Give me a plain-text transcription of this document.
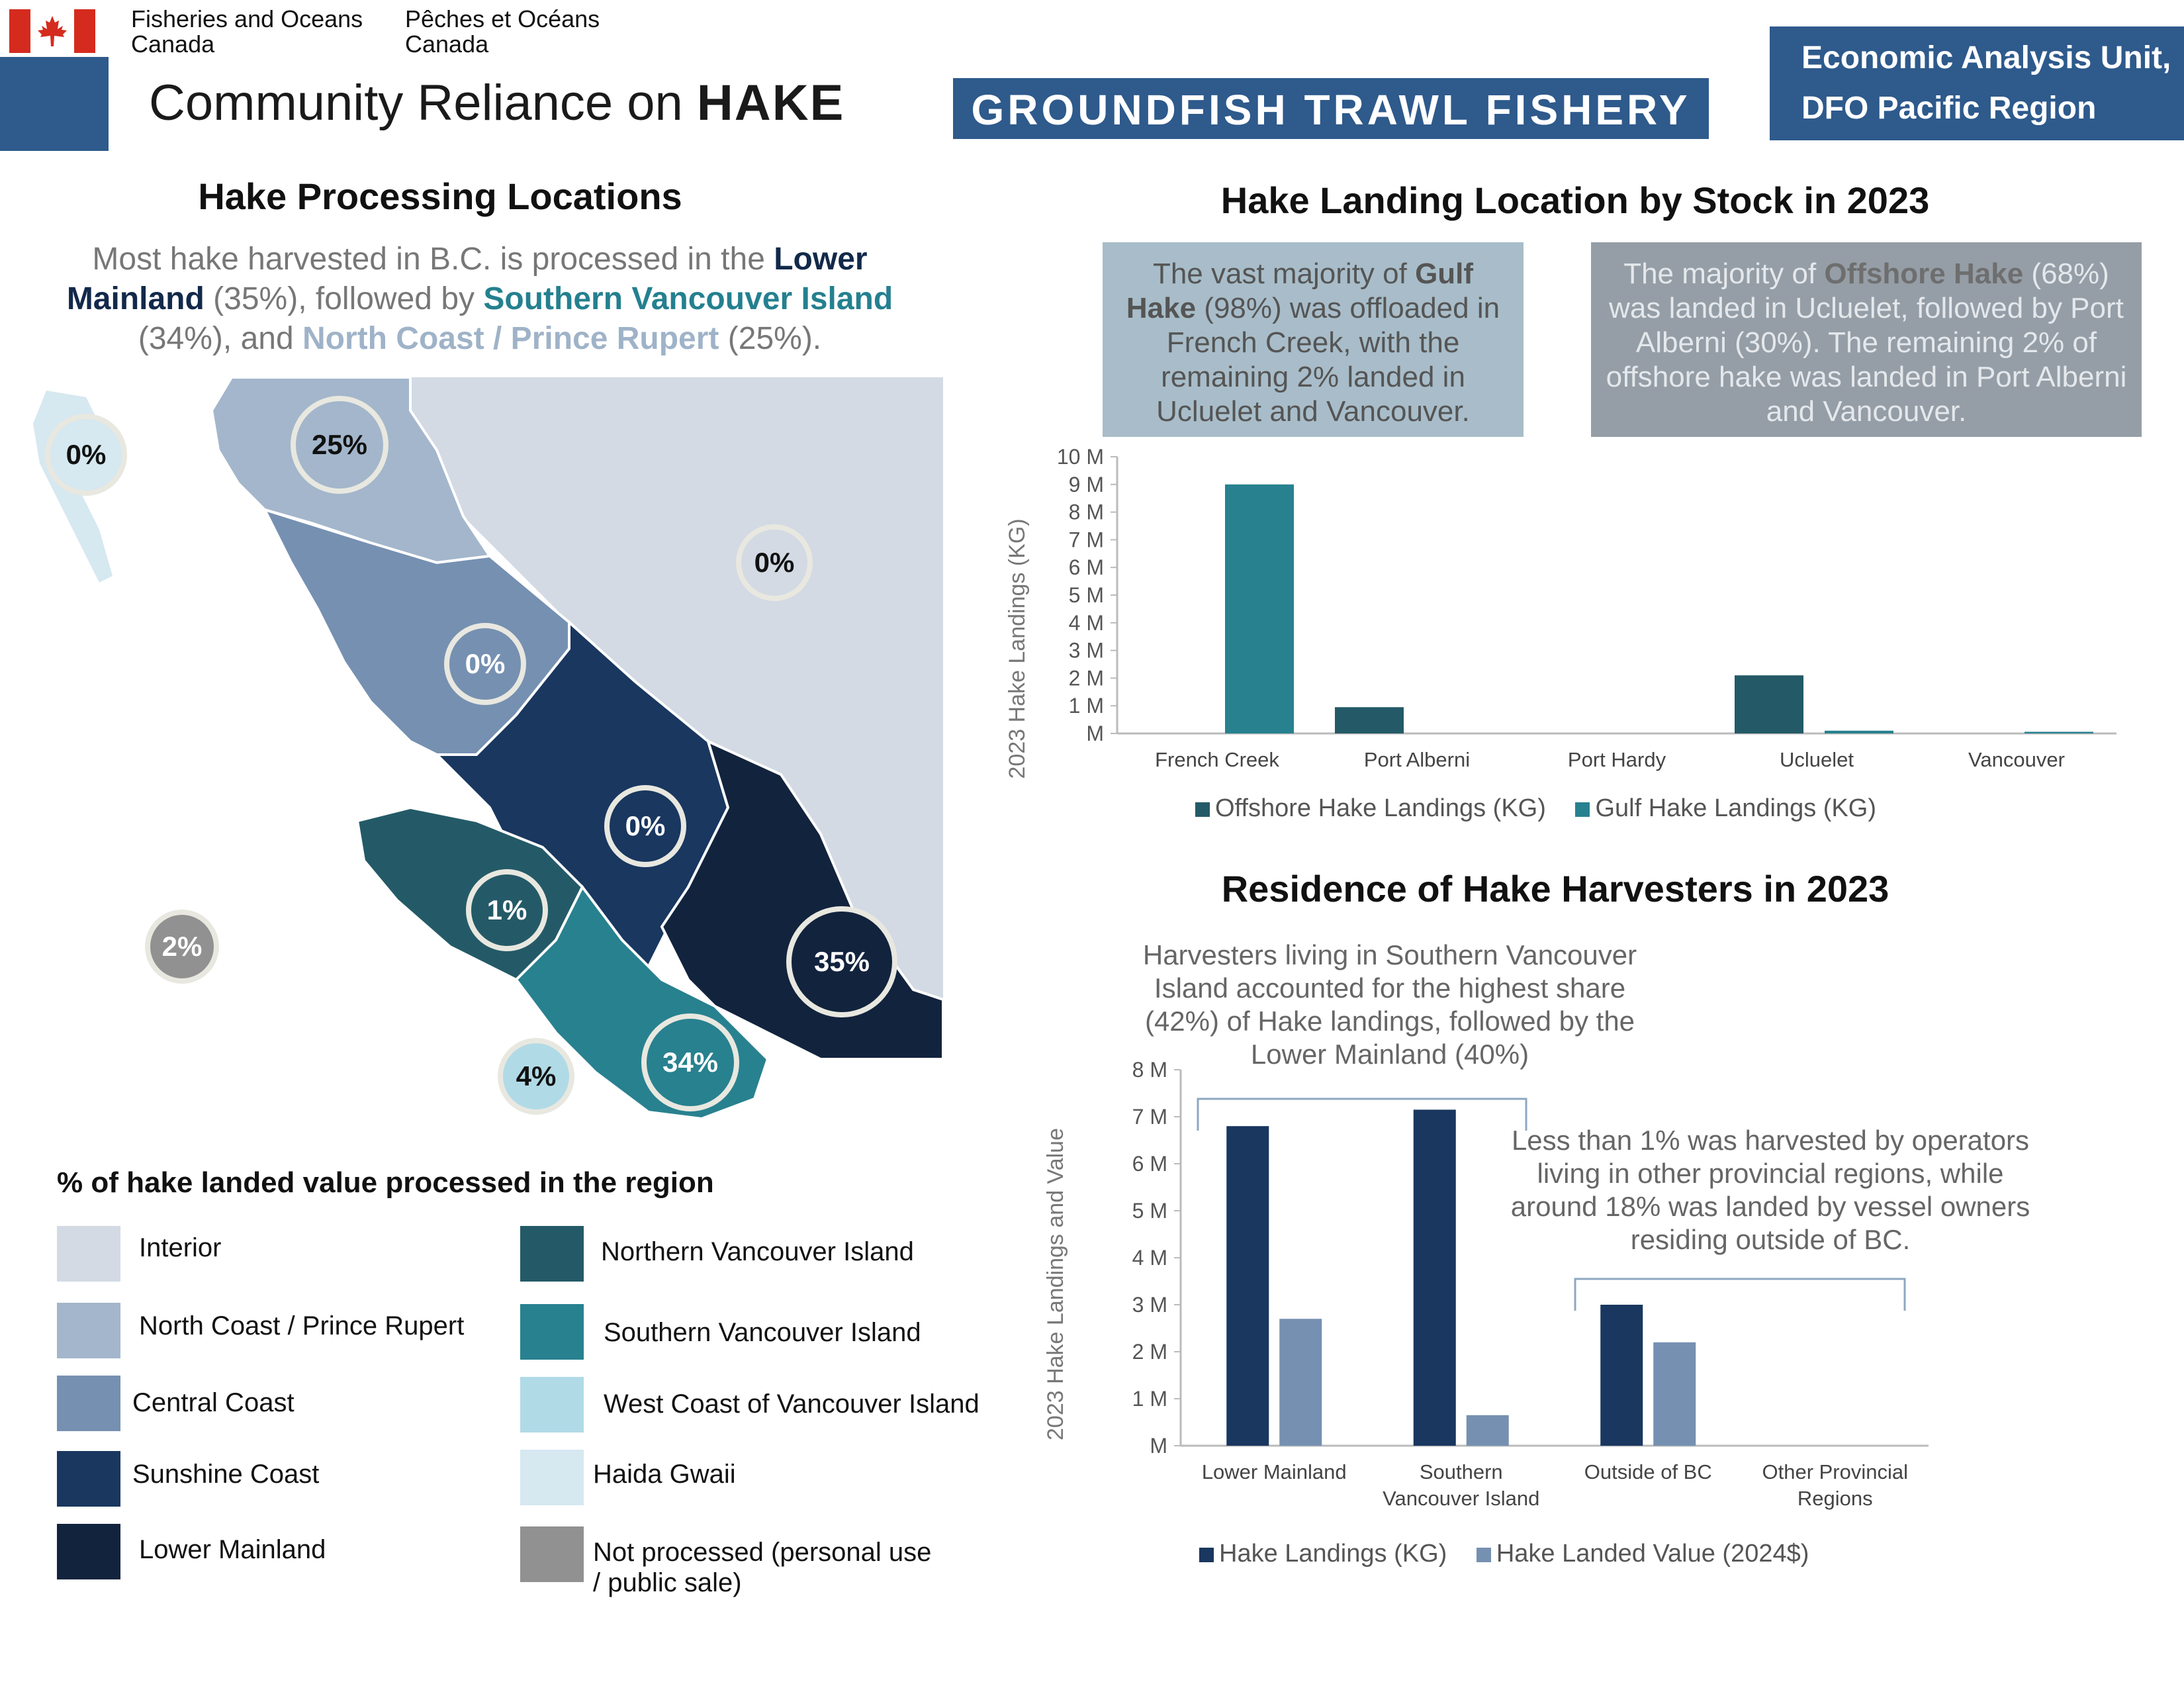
Fisheries and Oceans
Canada
Pêches et Océans
Canada
Community Reliance on HAKE	GROUNDFISH TRAWL FISHERY
Economic Analysis Unit,
DFO Pacific Region
Hake Processing Locations
Most hake harvested in B.C. is processed in the Lower Mainland (35%), followed by Southern Vancouver Island (34%), and North Coast / Prince Rupert (25%).
0%	25%
0%
0%
0%
1%
2%	35%
34%
4%
% of hake landed value processed in the region
Interior
North Coast / Prince Rupert
Central Coast
Sunshine Coast
Lower Mainland
Northern Vancouver Island
Southern Vancouver Island
West Coast of Vancouver Island
Haida Gwaii
Not processed (personal use
/ public sale)
Hake Landing Location by Stock in 2023
The vast majority of Gulf Hake (98%) was offloaded in French Creek, with the remaining 2% landed in Ucluelet and Vancouver.
The majority of Offshore Hake (68%) was landed in Ucluelet, followed by Port Alberni (30%). The remaining 2% of offshore hake was landed in Port Alberni and Vancouver.
M
1 M
2 M
3 M
4 M
5 M
6 M
7 M
8 M
9 M
10 M
French Creek	Port Alberni	Port Hardy	Ucluelet	Vancouver
2023 Hake Landings (KG)
Offshore Hake Landings (KG) Gulf Hake Landings (KG)
Residence of Hake Harvesters in 2023
Harvesters living in Southern Vancouver Island accounted for the highest share (42%) of Hake landings, followed by the Lower Mainland (40%)
Less than 1% was harvested by operators living in other provincial regions, while around 18% was landed by vessel owners residing outside of BC.
M
1 M
2 M
3 M
4 M
5 M
6 M
7 M
8 M
Lower Mainland	Southern
Vancouver Island
Outside of BC Other Provincial
Regions
2023 Hake Landings and Value
Hake Landings (KG) Hake Landed Value (2024$)
